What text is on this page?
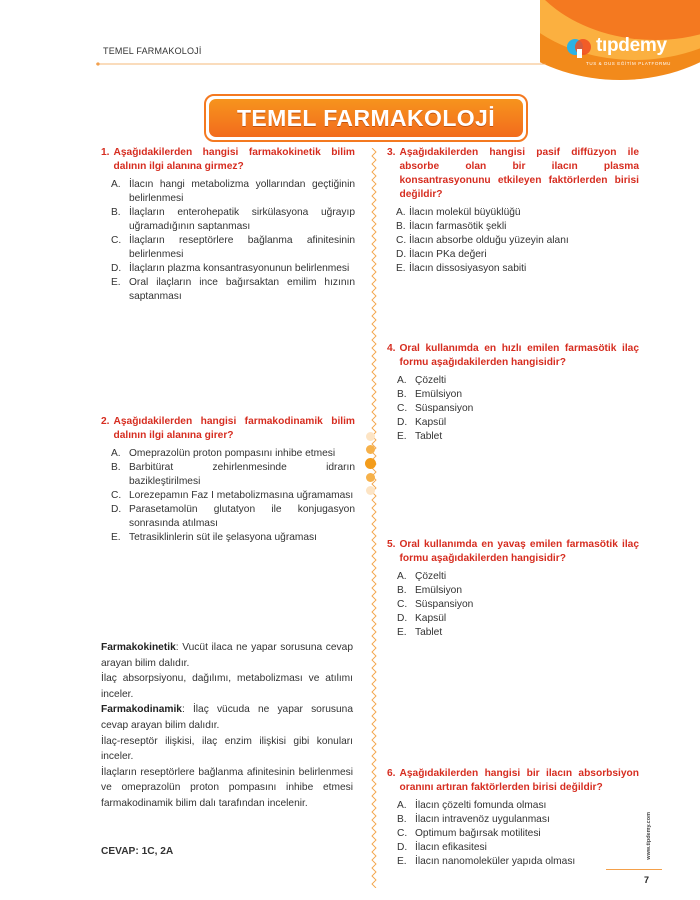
TEMEL FARMAKOLOJİ	tıpdemy
TUS & DUS EĞİTİM PLATFORMU
TEMEL FARMAKOLOJİ
1. Aşağıdakilerden hangisi farmakokinetik bilim dalının ilgi alanına girmez?
A. İlacın hangi metabolizma yollarından geçtiğinin belirlenmesi
B. İlaçların enterohepatik sirkülasyona uğrayıp uğramadığının saptanması
C. İlaçların reseptörlere bağlanma afinitesinin belirlenmesi
D. İlaçların plazma konsantrasyonunun belirlenmesi
E. Oral ilaçların ince bağırsaktan emilim hızının saptanması
2. Aşağıdakilerden hangisi farmakodinamik bilim dalının ilgi alanına girer?
A. Omeprazolün proton pompasını inhibe etmesi
B. Barbitürat zehirlenmesinde idrarın bazikleştirilmesi
C. Lorezepamın Faz I metabolizmasına uğramaması
D. Parasetamolün glutatyon ile konjugasyon sonrasında atılması
E. Tetrasiklinlerin süt ile şelasyona uğraması
3. Aşağıdakilerden hangisi pasif diffüzyon ile absorbe olan bir ilacın plasma konsantrasyonunu etkileyen faktörlerden birisi değildir?
A. İlacın molekül büyüklüğü
B. İlacın farmasötik şekli
C. İlacın absorbe olduğu yüzeyin alanı
D. İlacın PKa değeri
E. İlacın dissosiyasyon sabiti
4. Oral kullanımda en hızlı emilen farmasötik ilaç formu aşağıdakilerden hangisidir?
A. Çözelti
B. Emülsiyon
C. Süspansiyon
D. Kapsül
E. Tablet
5. Oral kullanımda en yavaş emilen farmasötik ilaç formu aşağıdakilerden hangisidir?
A. Çözelti
B. Emülsiyon
C. Süspansiyon
D. Kapsül
E. Tablet
6. Aşağıdakilerden hangisi bir ilacın absorbsiyon oranını artıran faktörlerden birisi değildir?
A. İlacın çözelti fomunda olması
B. İlacın intravenöz uygulanması
C. Optimum bağırsak motilitesi
D. İlacın efikasitesi
E. İlacın nanomoleküler yapıda olması

Farmakokinetik: Vucüt ilaca ne yapar sorusuna cevap arayan bilim dalıdır.

İlaç absorpsiyonu, dağılımı, metabolizması ve atılımı inceler.

Farmakodinamik: İlaç vücuda ne yapar sorusuna cevap arayan bilim dalıdır.

İlaç-reseptör ilişkisi, ilaç enzim ilişkisi gibi konuları inceler.

İlaçların reseptörlere bağlanma afinitesinin belirlenmesi ve omeprazolün proton pompasını inhibe etmesi farmakodinamik bilim dalı tarafından incelenir.

CEVAP: 1C, 2A	www.tipdemy.com
7
